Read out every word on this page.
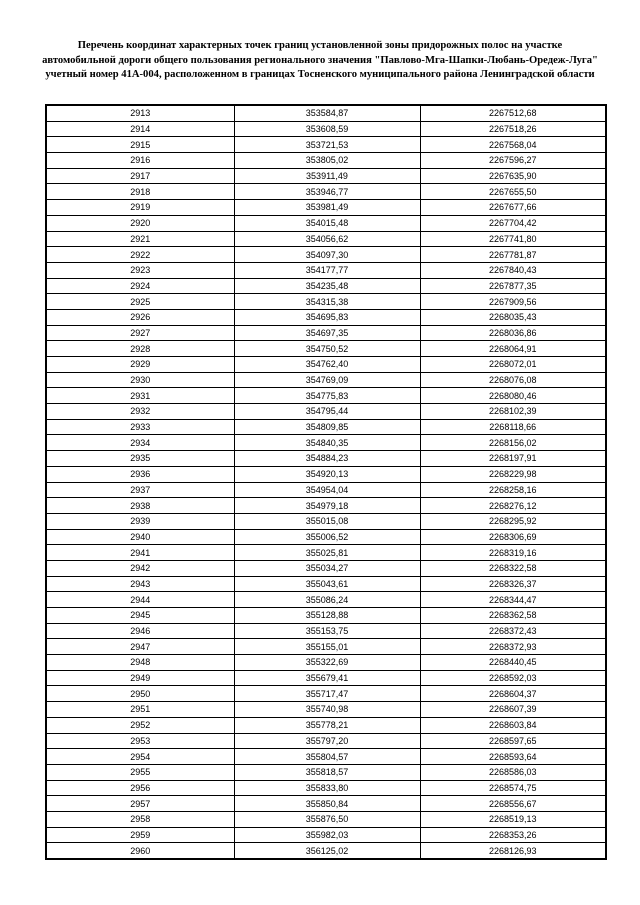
Перечень координат характерных точек границ установленной зоны придорожных полос на участке автомобильной дороги общего пользования регионального значения "Павлово-Мга-Шапки-Любань-Оредеж-Луга" учетный номер 41А-004, расположенном в границах Тосненского муниципального района Ленинградской области
2913	353584,87	2267512,68
2914	353608,59	2267518,26
2915	353721,53	2267568,04
2916	353805,02	2267596,27
2917	353911,49	2267635,90
2918	353946,77	2267655,50
2919	353981,49	2267677,66
2920	354015,48	2267704,42
2921	354056,62	2267741,80
2922	354097,30	2267781,87
2923	354177,77	2267840,43
2924	354235,48	2267877,35
2925	354315,38	2267909,56
2926	354695,83	2268035,43
2927	354697,35	2268036,86
2928	354750,52	2268064,91
2929	354762,40	2268072,01
2930	354769,09	2268076,08
2931	354775,83	2268080,46
2932	354795,44	2268102,39
2933	354809,85	2268118,66
2934	354840,35	2268156,02
2935	354884,23	2268197,91
2936	354920,13	2268229,98
2937	354954,04	2268258,16
2938	354979,18	2268276,12
2939	355015,08	2268295,92
2940	355006,52	2268306,69
2941	355025,81	2268319,16
2942	355034,27	2268322,58
2943	355043,61	2268326,37
2944	355086,24	2268344,47
2945	355128,88	2268362,58
2946	355153,75	2268372,43
2947	355155,01	2268372,93
2948	355322,69	2268440,45
2949	355679,41	2268592,03
2950	355717,47	2268604,37
2951	355740,98	2268607,39
2952	355778,21	2268603,84
2953	355797,20	2268597,65
2954	355804,57	2268593,64
2955	355818,57	2268586,03
2956	355833,80	2268574,75
2957	355850,84	2268556,67
2958	355876,50	2268519,13
2959	355982,03	2268353,26
2960	356125,02	2268126,93
